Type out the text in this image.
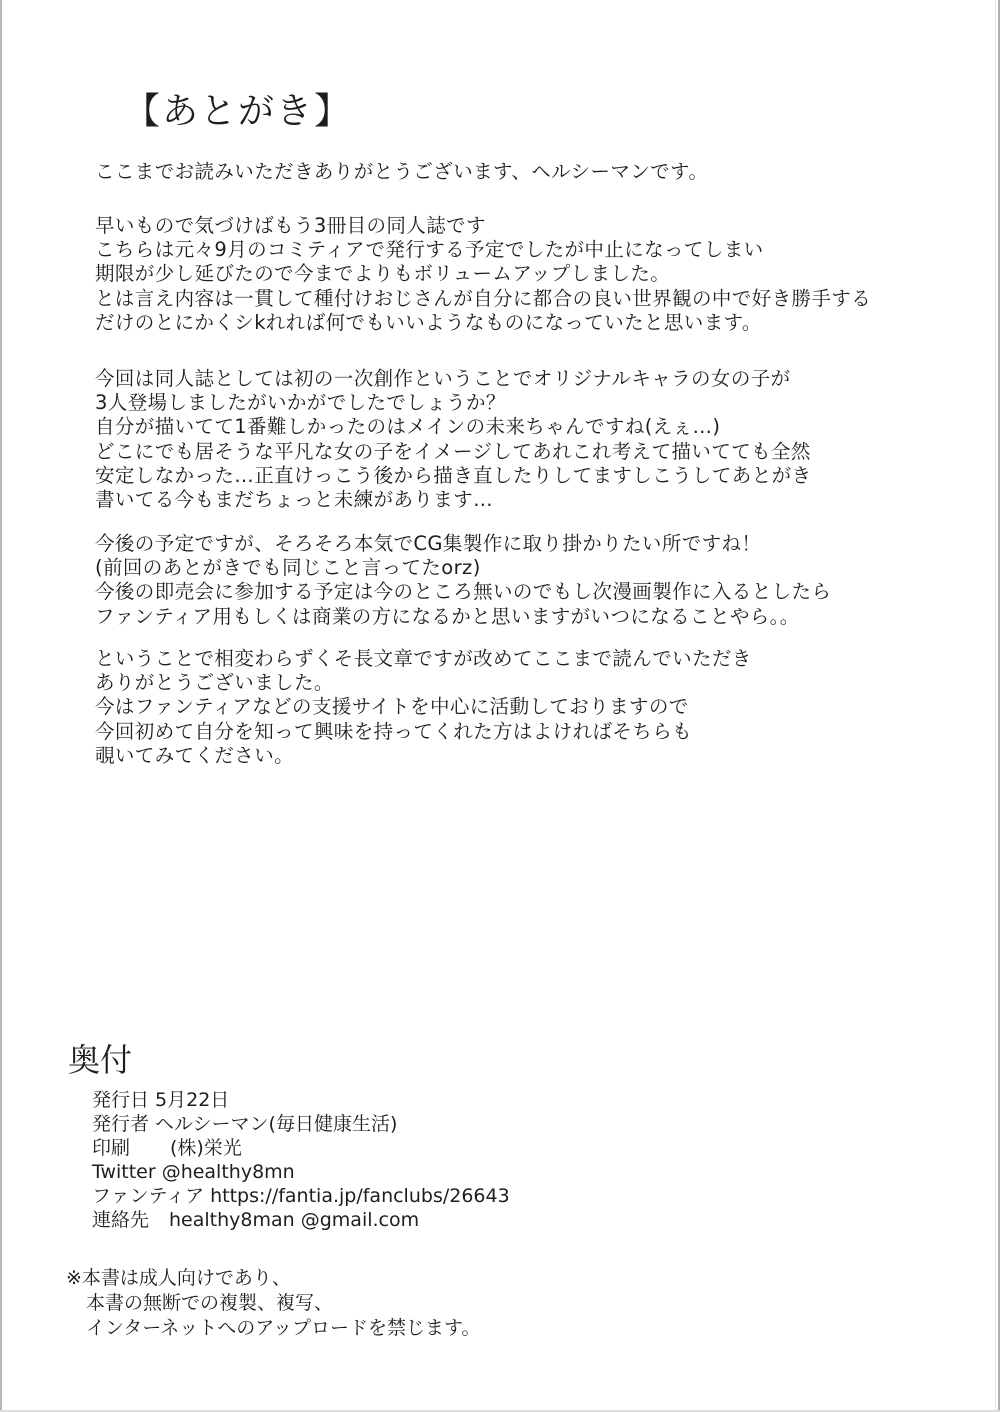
【あとがき】
ここまでお読みいただきありがとうございます、ヘルシーマンです。
早いもので気づけばもう3冊目の同人誌です
こちらは元々9月のコミティアで発行する予定でしたが中止になってしまい
期限が少し延びたので今までよりもボリュームアップしました。
とは言え内容は一貫して種付けおじさんが自分に都合の良い世界観の中で好き勝手する
だけのとにかくシkれれば何でもいいようなものになっていたと思います。
今回は同人誌としては初の一次創作ということでオリジナルキャラの女の子が
3人登場しましたがいかがでしたでしょうか？
自分が描いてて1番難しかったのはメインの未来ちゃんですね(えぇ…)
どこにでも居そうな平凡な女の子をイメージしてあれこれ考えて描いてても全然
安定しなかった…正直けっこう後から描き直したりしてますしこうしてあとがき
書いてる今もまだちょっと未練があります…
今後の予定ですが、そろそろ本気でCG集製作に取り掛かりたい所ですね！
(前回のあとがきでも同じこと言ってたorz)
今後の即売会に参加する予定は今のところ無いのでもし次漫画製作に入るとしたら
ファンティア用もしくは商業の方になるかと思いますがいつになることやら。。
ということで相変わらずくそ長文章ですが改めてここまで読んでいただき
ありがとうございました。
今はファンティアなどの支援サイトを中心に活動しておりますので
今回初めて自分を知って興味を持ってくれた方はよければそちらも
覗いてみてください。
奥付
発行日 5月22日
発行者 ヘルシーマン(毎日健康生活)
印刷 (株)栄光
Twitter @healthy8mn
ファンティア https://fantia.jp/fanclubs/26643
連絡先 healthy8man @gmail.com
※本書は成人向けであり、
本書の無断での複製、複写、
インターネットへのアップロードを禁じます。
